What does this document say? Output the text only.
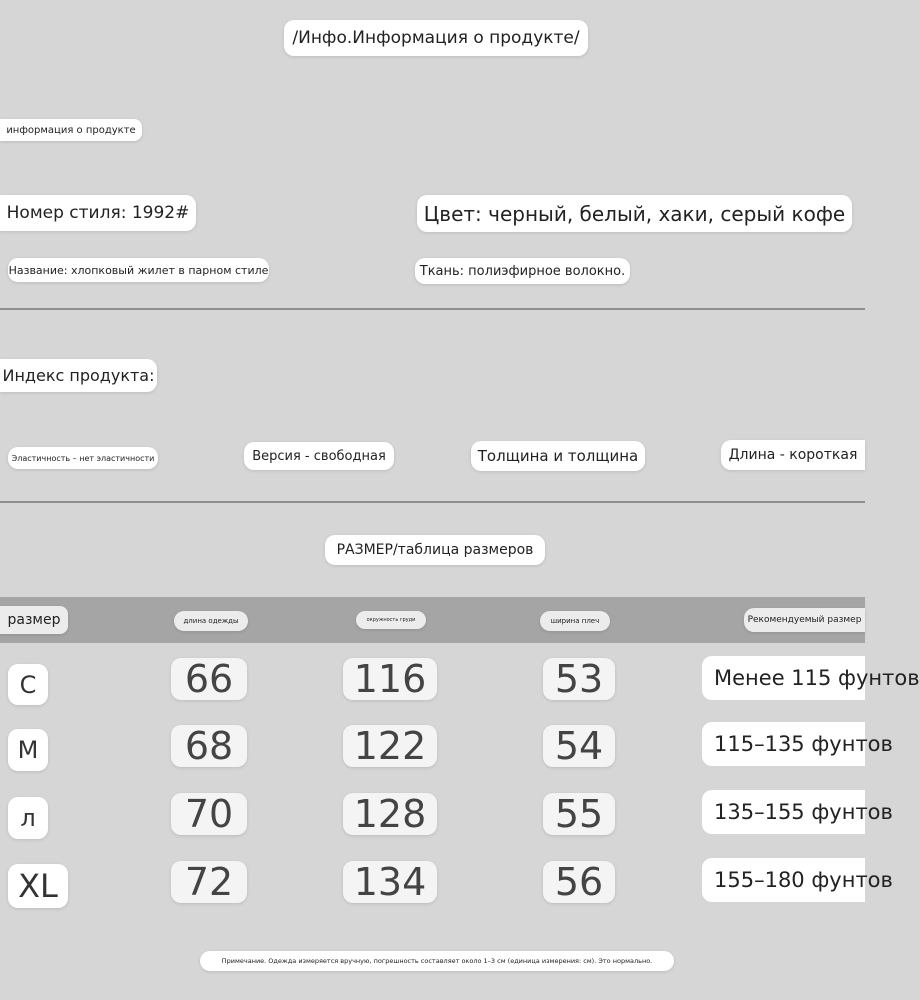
/Инфо.Информация о продукте/
информация о продукте
Номер стиля: 1992#	Цвет: черный, белый, хаки, серый кофе
Название: хлопковый жилет в парном стиле	Ткань: полиэфирное волокно.
Индекс продукта:
Эластичность – нет эластичности	Версия - свободная	Толщина и толщина	Длина - короткая
РАЗМЕР/таблица размеров
размер	длина одежды	окружность груди	ширина плеч	Рекомендуемый размер
C	66	116	53	Менее 115 фунтов
M	68	122	54	115–135 фунтов
л	70	128	55	135–155 фунтов
XL	72	134	56	155–180 фунтов
Примечание. Одежда измеряется вручную, погрешность составляет около 1–3 см (единица измерения: см). Это нормально.
